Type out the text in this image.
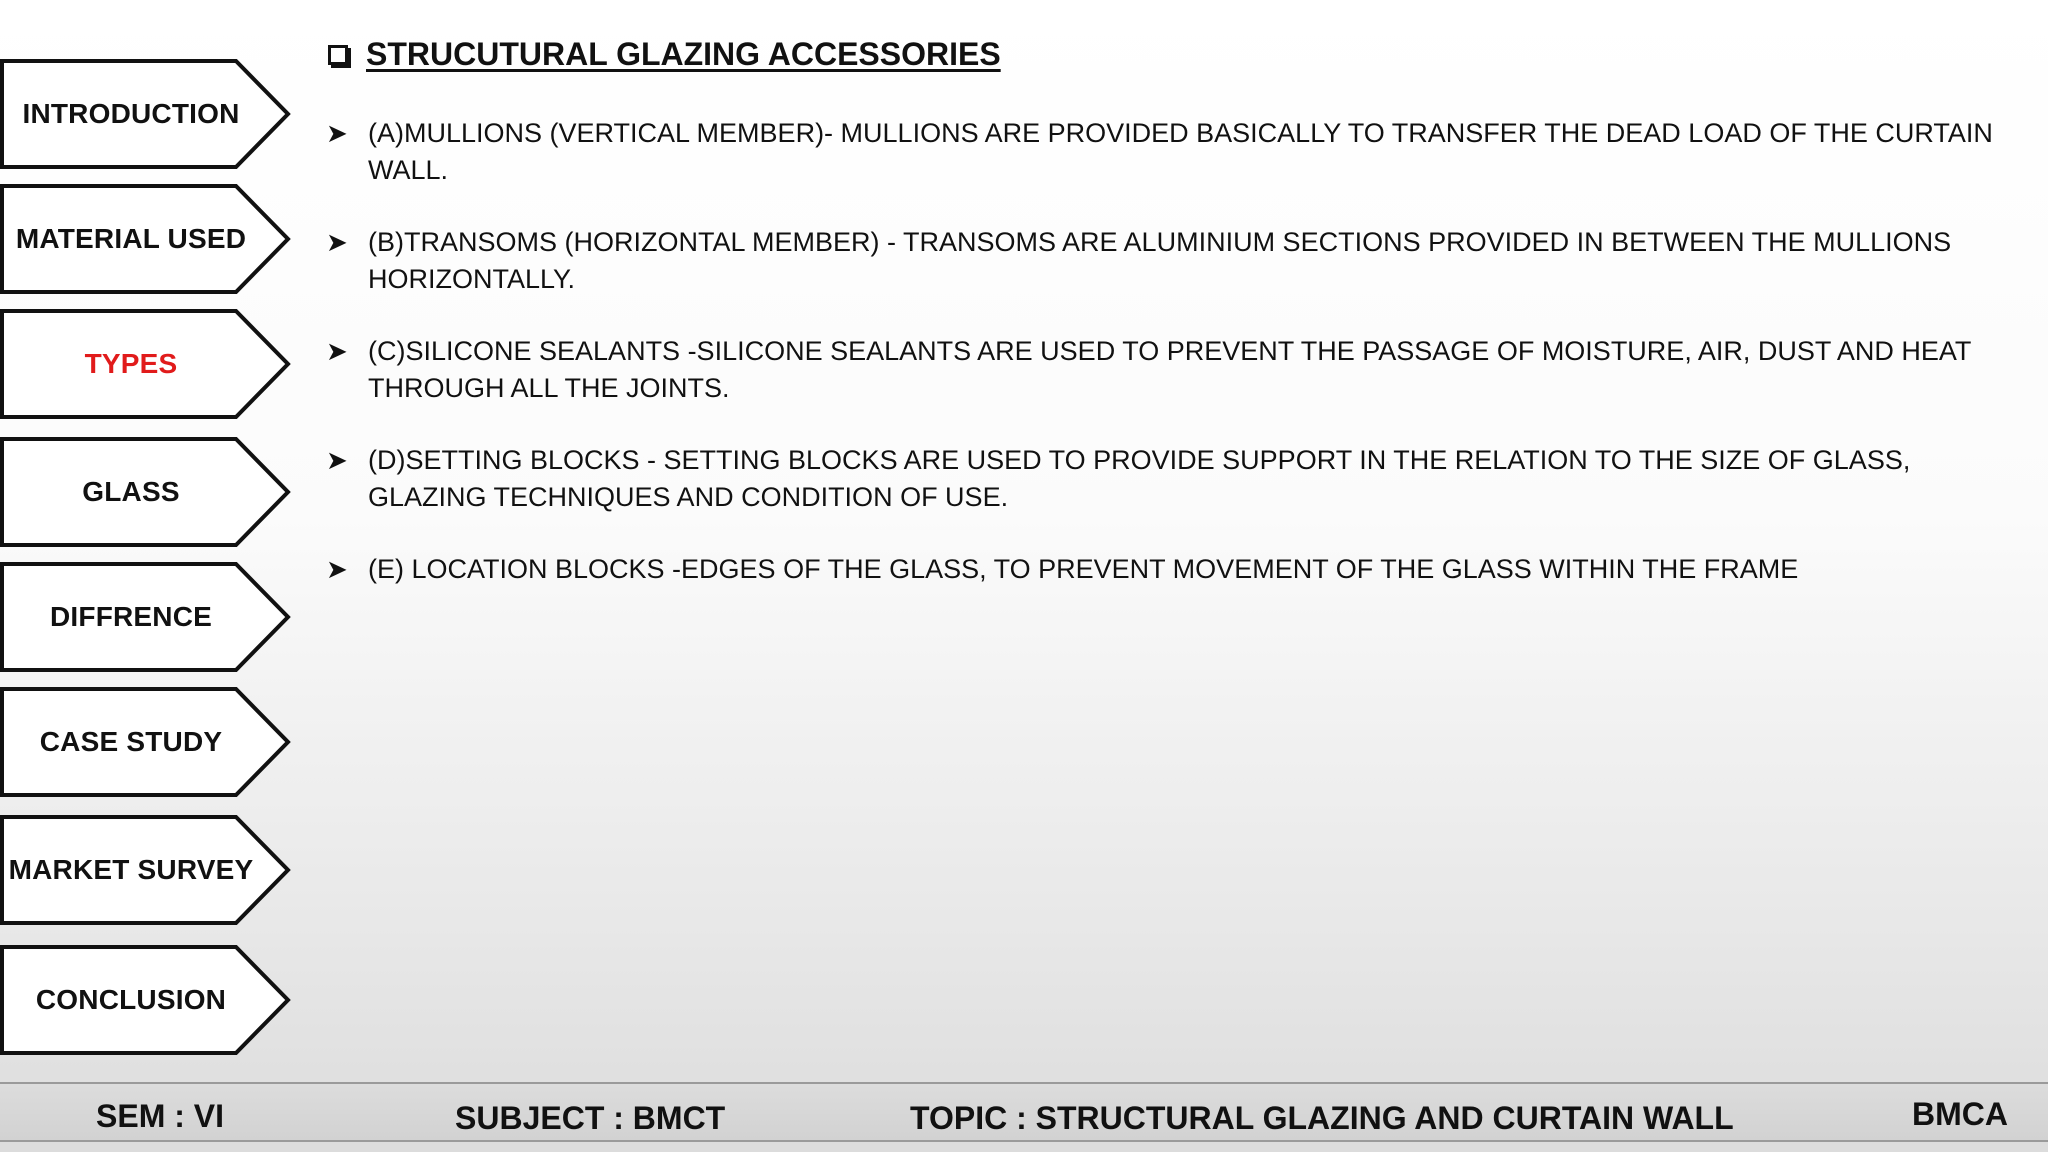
INTRODUCTION
MATERIAL USED
TYPES
GLASS
DIFFRENCE
CASE STUDY
MARKET SURVEY
CONCLUSION
STRUCUTURAL GLAZING ACCESSORIES
➤ (A)MULLIONS (VERTICAL MEMBER)- MULLIONS ARE PROVIDED BASICALLY TO TRANSFER THE DEAD LOAD OF THE CURTAIN WALL.
➤ (B)TRANSOMS (HORIZONTAL MEMBER) - TRANSOMS ARE ALUMINIUM SECTIONS PROVIDED IN BETWEEN THE MULLIONS HORIZONTALLY.
➤ (C)SILICONE SEALANTS -SILICONE SEALANTS ARE USED TO PREVENT THE PASSAGE OF MOISTURE, AIR, DUST AND HEAT THROUGH ALL THE JOINTS.
➤ (D)SETTING BLOCKS - SETTING BLOCKS ARE USED TO PROVIDE SUPPORT IN THE RELATION TO THE SIZE OF GLASS, GLAZING TECHNIQUES AND CONDITION OF USE.
➤ (E) LOCATION BLOCKS -EDGES OF THE GLASS, TO PREVENT MOVEMENT OF THE GLASS WITHIN THE FRAME
SEM : VI	SUBJECT : BMCT	TOPIC : STRUCTURAL GLAZING AND CURTAIN WALL	BMCA
